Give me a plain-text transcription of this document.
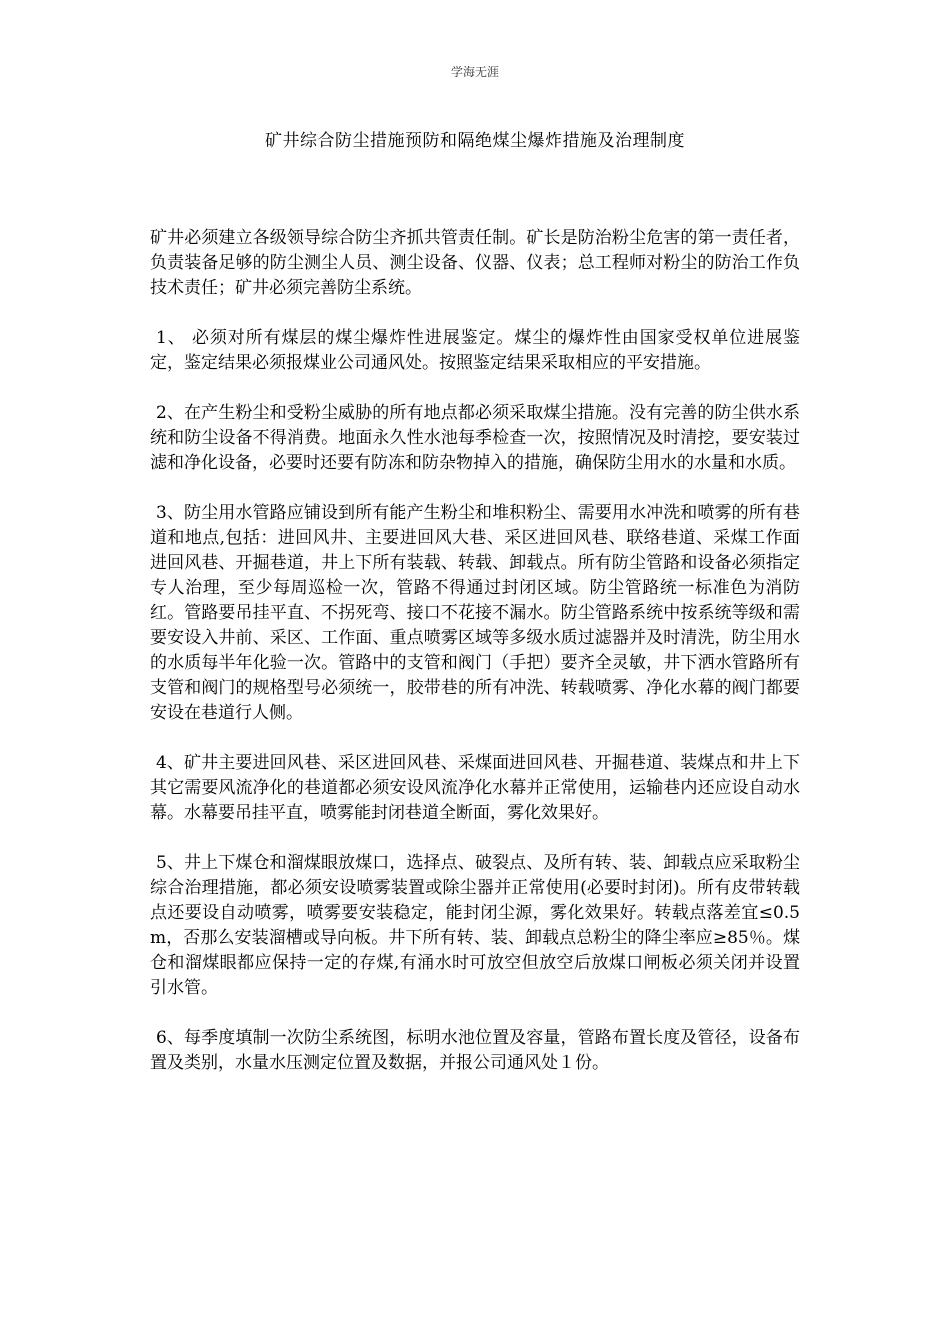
学海无涯
矿井综合防尘措施预防和隔绝煤尘爆炸措施及治理制度

矿井必须建立各级领导综合防尘齐抓共管责任制。矿长是防治粉尘危害的第一责任者，负责装备足够的防尘测尘人员、测尘设备、仪器、仪表；总工程师对粉尘的防治工作负技术责任；矿井必须完善防尘系统。

1、 必须对所有煤层的煤尘爆炸性进展鉴定。煤尘的爆炸性由国家受权单位进展鉴定，鉴定结果必须报煤业公司通风处。按照鉴定结果采取相应的平安措施。

2、在产生粉尘和受粉尘威胁的所有地点都必须采取煤尘措施。没有完善的防尘供水系统和防尘设备不得消费。地面永久性水池每季检查一次，按照情况及时清挖，要安装过滤和净化设备，必要时还要有防冻和防杂物掉入的措施，确保防尘用水的水量和水质。

3、防尘用水管路应铺设到所有能产生粉尘和堆积粉尘、需要用水冲洗和喷雾的所有巷道和地点,包括：进回风井、主要进回风大巷、采区进回风巷、联络巷道、采煤工作面进回风巷、开掘巷道，井上下所有装载、转载、卸载点。所有防尘管路和设备必须指定专人治理，至少每周巡检一次，管路不得通过封闭区域。防尘管路统一标准色为消防红。管路要吊挂平直、不拐死弯、接口不花接不漏水。防尘管路系统中按系统等级和需要安设入井前、采区、工作面、重点喷雾区域等多级水质过滤器并及时清洗，防尘用水的水质每半年化验一次。管路中的支管和阀门（手把）要齐全灵敏，井下洒水管路所有支管和阀门的规格型号必须统一，胶带巷的所有冲洗、转载喷雾、净化水幕的阀门都要安设在巷道行人侧。

4、矿井主要进回风巷、采区进回风巷、采煤面进回风巷、开掘巷道、装煤点和井上下其它需要风流净化的巷道都必须安设风流净化水幕并正常使用，运输巷内还应设自动水幕。水幕要吊挂平直，喷雾能封闭巷道全断面，雾化效果好。

5、井上下煤仓和溜煤眼放煤口，选择点、破裂点、及所有转、装、卸载点应采取粉尘综合治理措施，都必须安设喷雾装置或除尘器并正常使用(必要时封闭)。所有皮带转载点还要设自动喷雾，喷雾要安装稳定，能封闭尘源，雾化效果好。转载点落差宜≤0.5m，否那么安装溜槽或导向板。井下所有转、装、卸载点总粉尘的降尘率应≥85％。煤仓和溜煤眼都应保持一定的存煤,有涌水时可放空但放空后放煤口闸板必须关闭并设置引水管。

6、每季度填制一次防尘系统图，标明水池位置及容量，管路布置长度及管径，设备布置及类别，水量水压测定位置及数据，并报公司通风处１份。
